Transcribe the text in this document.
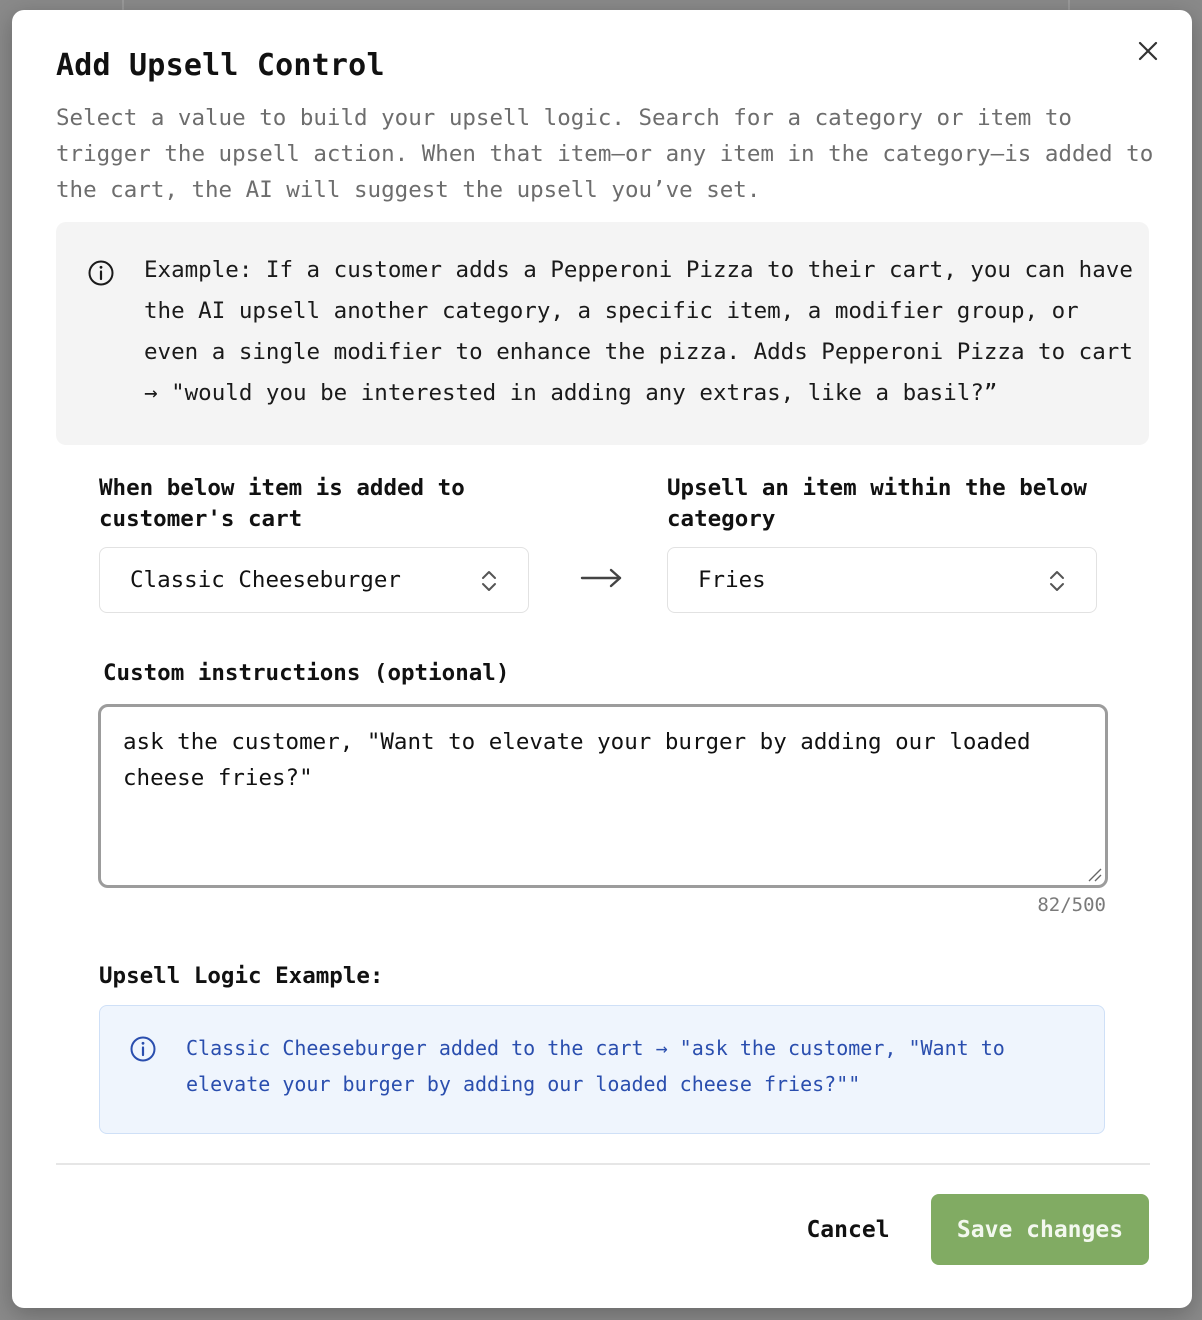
Add Upsell Control
Select a value to build your upsell logic. Search for a category or item to trigger the upsell action. When that item—or any item in the category—is added to the cart, the AI will suggest the upsell you’ve set.
Example: If a customer adds a Pepperoni Pizza to their cart, you can have the AI upsell another category, a specific item, a modifier group, or even a single modifier to enhance the pizza. Adds Pepperoni Pizza to cart → "would you be interested in adding any extras, like a basil?”
When below item is added to customer's cart
Classic Cheeseburger
Upsell an item within the below category
Fries
Custom instructions (optional)
ask the customer, "Want to elevate your burger by adding our loaded cheese fries?"
82/500
Upsell Logic Example:
Classic Cheeseburger added to the cart → "ask the customer, "Want to elevate your burger by adding our loaded cheese fries?""
Cancel	Save changes
